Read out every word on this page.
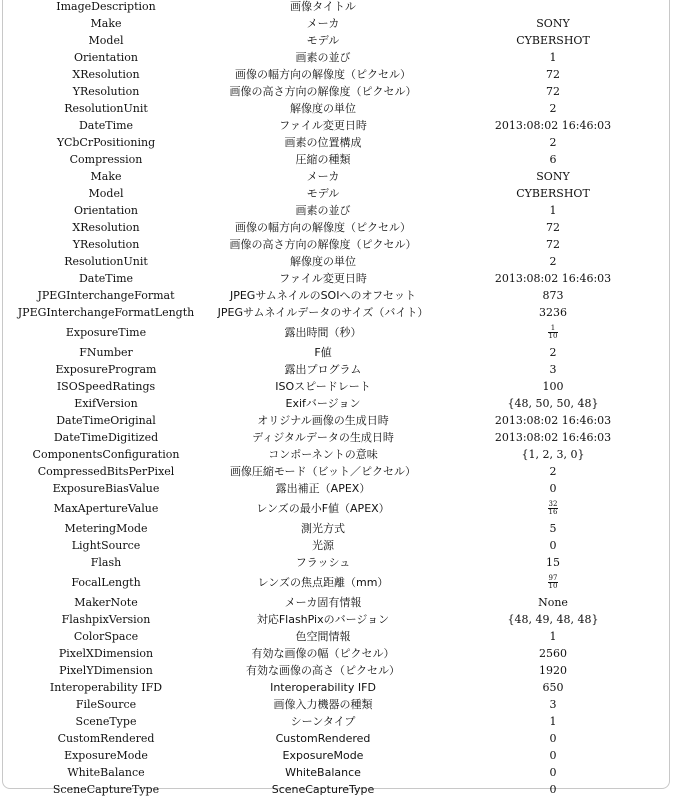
ImageDescription	画像タイトル	
Make	メーカ	SONY
Model	モデル	CYBERSHOT
Orientation	画素の並び	1
XResolution	画像の幅方向の解像度（ピクセル）	72
YResolution	画像の高さ方向の解像度（ピクセル）	72
ResolutionUnit	解像度の単位	2
DateTime	ファイル変更日時	2013:08:02 16:46:03
YCbCrPositioning	画素の位置構成	2
Compression	圧縮の種類	6
Make	メーカ	SONY
Model	モデル	CYBERSHOT
Orientation	画素の並び	1
XResolution	画像の幅方向の解像度（ピクセル）	72
YResolution	画像の高さ方向の解像度（ピクセル）	72
ResolutionUnit	解像度の単位	2
DateTime	ファイル変更日時	2013:08:02 16:46:03
JPEGInterchangeFormat	JPEGサムネイルのSOIへのオフセット	873
JPEGInterchangeFormatLength	JPEGサムネイルデータのサイズ（バイト）	3236
ExposureTime	露出時間（秒）	$\frac{1}{10}$

FNumber	F値	2
ExposureProgram	露出プログラム	3
ISOSpeedRatings	ISOスピードレート	100
ExifVersion	Exifバージョン	{48, 50, 50, 48}
DateTimeOriginal	オリジナル画像の生成日時	2013:08:02 16:46:03
DateTimeDigitized	ディジタルデータの生成日時	2013:08:02 16:46:03
ComponentsConfiguration	コンポーネントの意味	{1, 2, 3, 0}
CompressedBitsPerPixel	画像圧縮モード（ビット／ピクセル）	2
ExposureBiasValue	露出補正（APEX）	0
MaxApertureValue	レンズの最小F値（APEX）	$\frac{32}{16}$

MeteringMode	測光方式	5
LightSource	光源	0
Flash	フラッシュ	15
FocalLength	レンズの焦点距離（mm）	$\frac{97}{10}$

MakerNote	メーカ固有情報	None
FlashpixVersion	対応FlashPixのバージョン	{48, 49, 48, 48}
ColorSpace	色空間情報	1
PixelXDimension	有効な画像の幅（ピクセル）	2560
PixelYDimension	有効な画像の高さ（ピクセル）	1920
Interoperability IFD	Interoperability IFD	650
FileSource	画像入力機器の種類	3
SceneType	シーンタイプ	1
CustomRendered	CustomRendered	0
ExposureMode	ExposureMode	0
WhiteBalance	WhiteBalance	0
SceneCaptureType	SceneCaptureType	0
